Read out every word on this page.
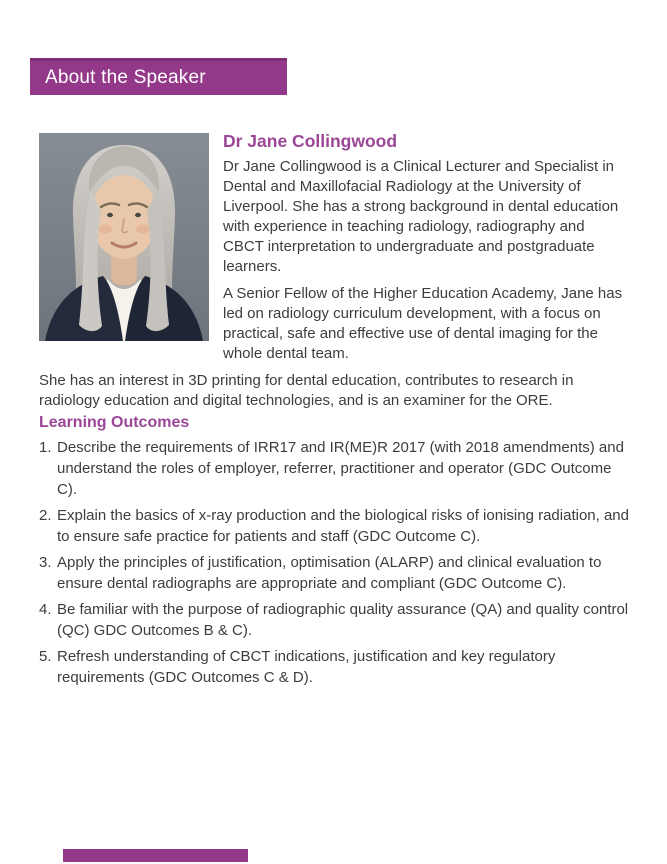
About the Speaker
Dr Jane Collingwood

Dr Jane Collingwood is a Clinical Lecturer and Specialist in Dental and Maxillofacial Radiology at the University of Liverpool. She has a strong background in dental education with experience in teaching radiology, radiography and CBCT interpretation to undergraduate and postgraduate learners.

A Senior Fellow of the Higher Education Academy, Jane has led on radiology curriculum development, with a focus on practical, safe and effective use of dental imaging for the whole dental team.

She has an interest in 3D printing for dental education, contributes to research in radiology education and digital technologies, and is an examiner for the ORE.

Learning Outcomes
1. Describe the requirements of IRR17 and IR(ME)R 2017 (with 2018 amendments) and understand the roles of employer, referrer, practitioner and operator (GDC Outcome C).
2. Explain the basics of x-ray production and the biological risks of ionising radiation, and to ensure safe practice for patients and staff (GDC Outcome C).
3. Apply the principles of justification, optimisation (ALARP) and clinical evaluation to ensure dental radiographs are appropriate and compliant (GDC Outcome C).
4. Be familiar with the purpose of radiographic quality assurance (QA) and quality control (QC) GDC Outcomes B & C).
5. Refresh understanding of CBCT indications, justification and key regulatory requirements (GDC Outcomes C & D).
